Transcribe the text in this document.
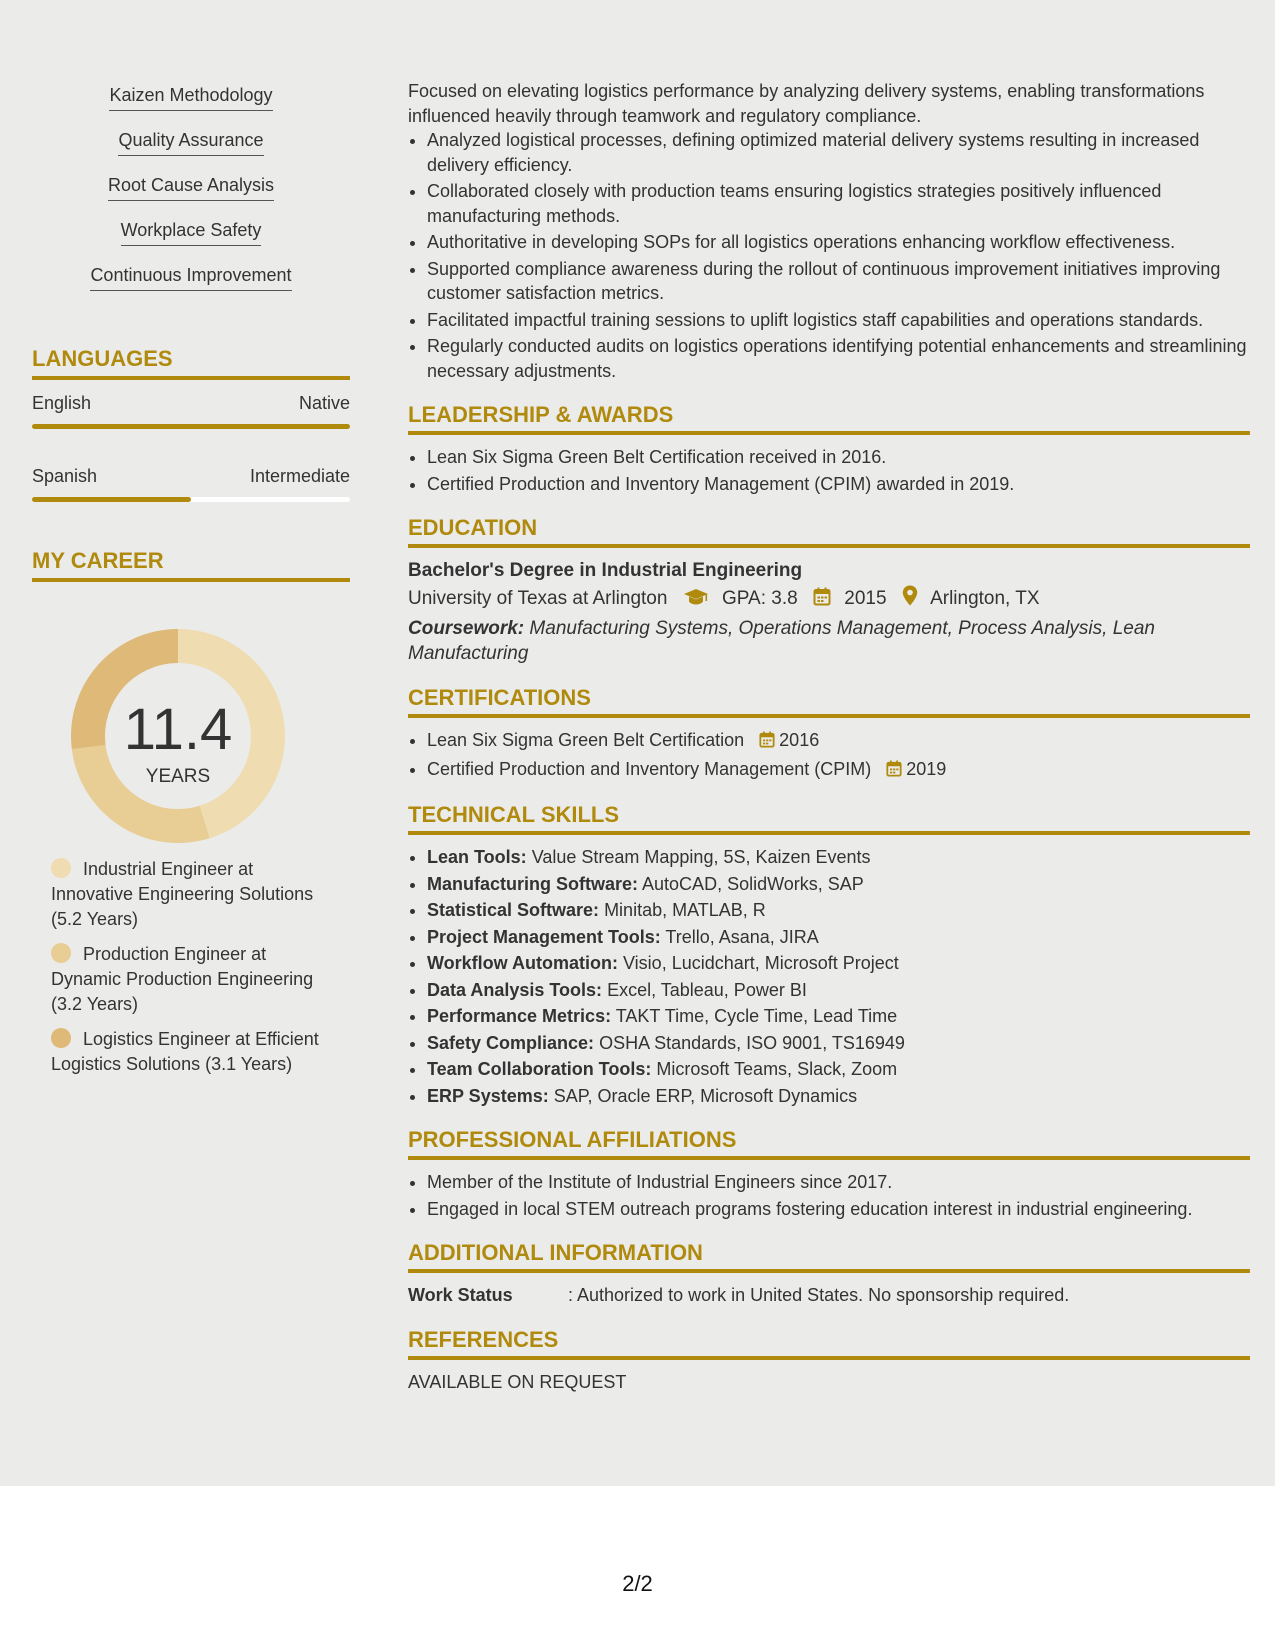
Kaizen Methodology
Quality Assurance
Root Cause Analysis
Workplace Safety
Continuous Improvement
LANGUAGES
English	Native
Spanish	Intermediate
MY CAREER
11.4
YEARS
Industrial Engineer at Innovative Engineering Solutions (5.2 Years)
Production Engineer at Dynamic Production Engineering (3.2 Years)
Logistics Engineer at Efficient Logistics Solutions (3.1 Years)

Focused on elevating logistics performance by analyzing delivery systems, enabling transformations influenced heavily through teamwork and regulatory compliance.

• Analyzed logistical processes, defining optimized material delivery systems resulting in increased delivery efficiency.
• Collaborated closely with production teams ensuring logistics strategies positively influenced manufacturing methods.
• Authoritative in developing SOPs for all logistics operations enhancing workflow effectiveness.
• Supported compliance awareness during the rollout of continuous improvement initiatives improving customer satisfaction metrics.
• Facilitated impactful training sessions to uplift logistics staff capabilities and operations standards.
• Regularly conducted audits on logistics operations identifying potential enhancements and streamlining necessary adjustments.
LEADERSHIP & AWARDS
• Lean Six Sigma Green Belt Certification received in 2016.
• Certified Production and Inventory Management (CPIM) awarded in 2019.
EDUCATION
Bachelor's Degree in Industrial Engineering
University of Texas at Arlington	GPA: 3.8 2015 Arlington, TX
Coursework: Manufacturing Systems, Operations Management, Process Analysis, Lean Manufacturing
CERTIFICATIONS
• Lean Six Sigma Green Belt Certification 2016
• Certified Production and Inventory Management (CPIM) 2019
TECHNICAL SKILLS
• Lean Tools: Value Stream Mapping, 5S, Kaizen Events
• Manufacturing Software: AutoCAD, SolidWorks, SAP
• Statistical Software: Minitab, MATLAB, R
• Project Management Tools: Trello, Asana, JIRA
• Workflow Automation: Visio, Lucidchart, Microsoft Project
• Data Analysis Tools: Excel, Tableau, Power BI
• Performance Metrics: TAKT Time, Cycle Time, Lead Time
• Safety Compliance: OSHA Standards, ISO 9001, TS16949
• Team Collaboration Tools: Microsoft Teams, Slack, Zoom
• ERP Systems: SAP, Oracle ERP, Microsoft Dynamics
PROFESSIONAL AFFILIATIONS
• Member of the Institute of Industrial Engineers since 2017.
• Engaged in local STEM outreach programs fostering education interest in industrial engineering.
ADDITIONAL INFORMATION
Work Status	: Authorized to work in United States. No sponsorship required.
REFERENCES
AVAILABLE ON REQUEST
2/2
